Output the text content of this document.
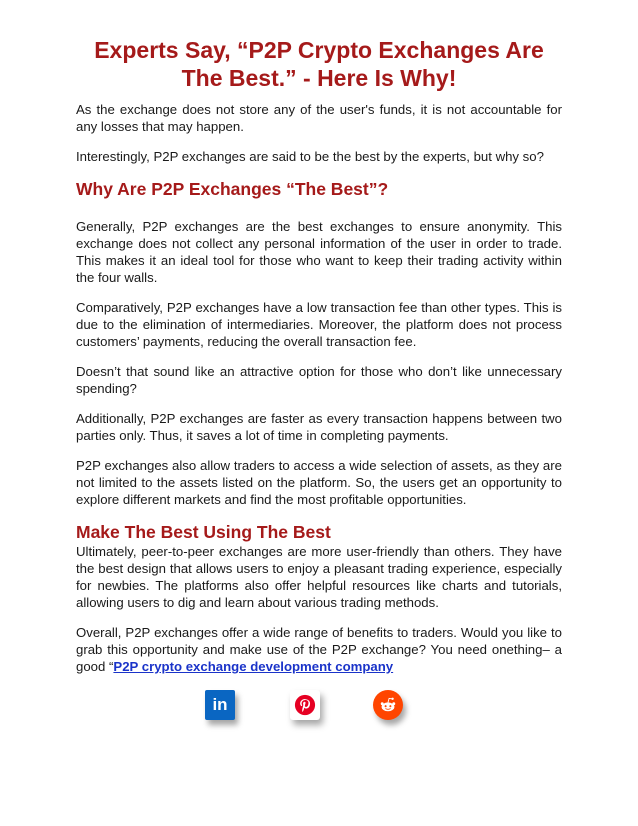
Experts Say, “P2P Crypto Exchanges Are The Best.” - Here Is Why!

As the exchange does not store any of the user's funds, it is not accountable for any losses that may happen.

Interestingly, P2P exchanges are said to be the best by the experts, but why so?

Why Are P2P Exchanges “The Best”?

Generally, P2P exchanges are the best exchanges to ensure anonymity. This exchange does not collect any personal information of the user in order to trade. This makes it an ideal tool for those who want to keep their trading activity within the four walls.

Comparatively, P2P exchanges have a low transaction fee than other types. This is due to the elimination of intermediaries. Moreover, the platform does not process customers’ payments, reducing the overall transaction fee.

Doesn’t that sound like an attractive option for those who don’t like unnecessary spending?

Additionally, P2P exchanges are faster as every transaction happens between two parties only. Thus, it saves a lot of time in completing payments.

P2P exchanges also allow traders to access a wide selection of assets, as they are not limited to the assets listed on the platform. So, the users get an opportunity to explore different markets and find the most profitable opportunities.

Make The Best Using The Best

Ultimately, peer-to-peer exchanges are more user-friendly than others. They have the best design that allows users to enjoy a pleasant trading experience, especially for newbies. The platforms also offer helpful resources like charts and tutorials, allowing users to dig and learn about various trading methods.

Overall, P2P exchanges offer a wide range of benefits to traders. Would you like to grab this opportunity and make use of the P2P exchange? You need onething– a good “P2P crypto exchange development company

in
